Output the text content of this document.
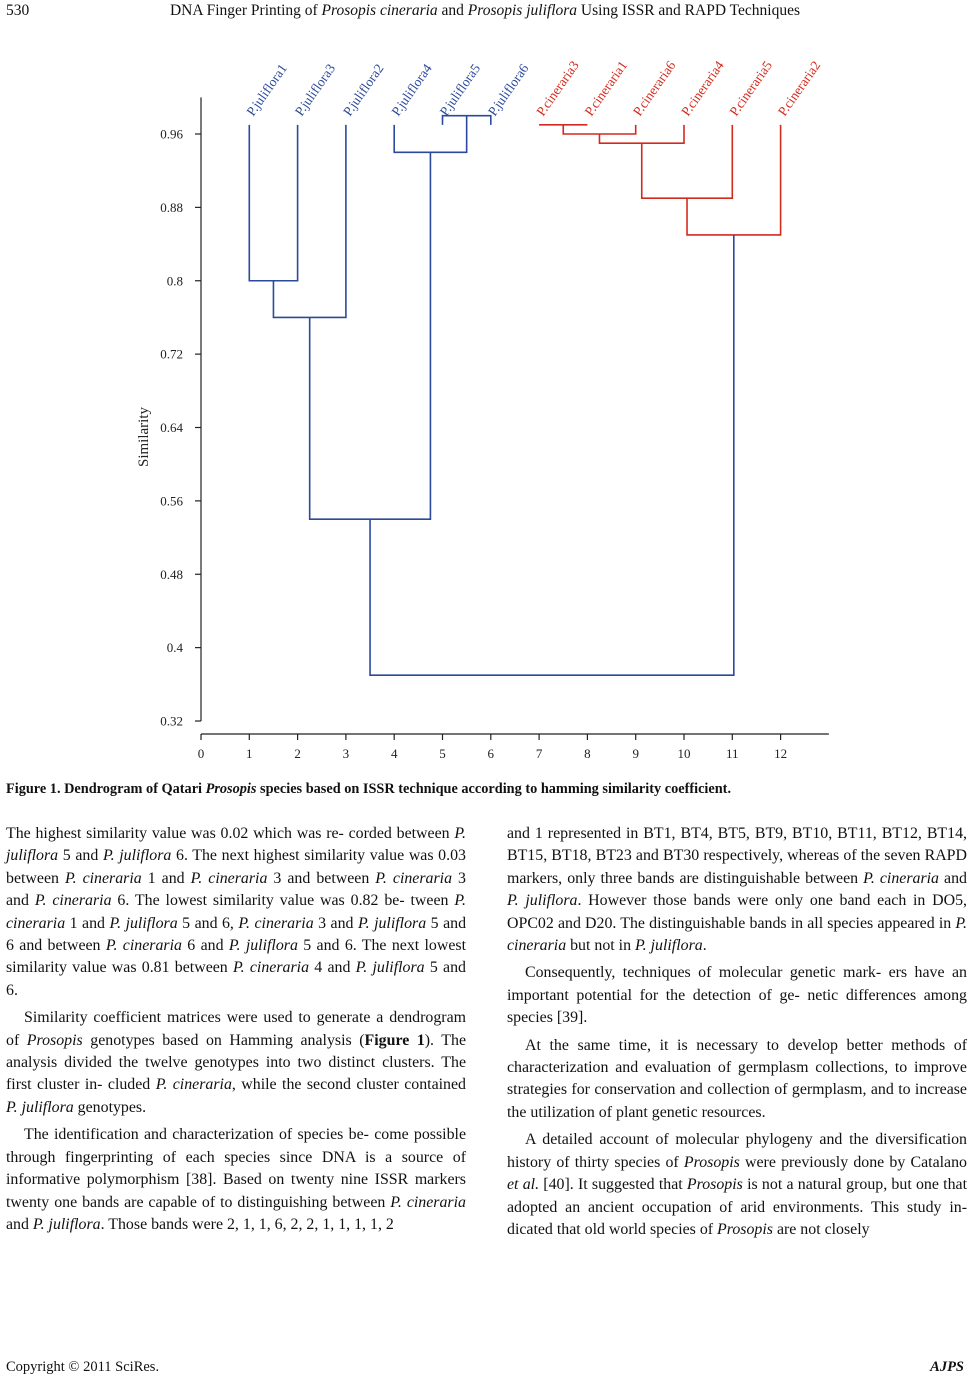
530	DNA Finger Printing of Prosopis cineraria and Prosopis juliflora Using ISSR and RAPD Techniques
0.32
0.4
0.48
0.56
0.64
0.72
0.8
0.88
0.96
0	1	2	3	4	5	6	7	8	9	10	11	12
P.juliflora1 P.juliflora3 P.juliflora2 P.juliflora4 P.juliflora5 P.juliflora6 P.cineraria3 P.cineraria1 P.cineraria6 P.cineraria4 P.cineraria5 P.cineraria2
Similarity
Figure 1. Dendrogram of Qatari Prosopis species based on ISSR technique according to hamming similarity coefficient.

The highest similarity value was 0.02 which was re- corded between P. juliflora 5 and P. juliflora 6. The next highest similarity value was 0.03 between P. cineraria 1 and P. cineraria 3 and between P. cineraria 3 and P. cineraria 6. The lowest similarity value was 0.82 be- tween P. cineraria 1 and P. juliflora 5 and 6, P. cineraria 3 and P. juliflora 5 and 6 and between P. cineraria 6 and P. juliflora 5 and 6. The next lowest similarity value was 0.81 between P. cineraria 4 and P. juliflora 5 and 6.

Similarity coefficient matrices were used to generate a dendrogram of Prosopis genotypes based on Hamming analysis (Figure 1). The analysis divided the twelve genotypes into two distinct clusters. The first cluster in- cluded P. cineraria, while the second cluster contained P. juliflora genotypes.

The identification and characterization of species be- come possible through fingerprinting of each species since DNA is a source of informative polymorphism [38]. Based on twenty nine ISSR markers twenty one bands are capable of to distinguishing between P. cineraria and P. juliflora. Those bands were 2, 1, 1, 6, 2, 2, 1, 1, 1, 1, 2

and 1 represented in BT1, BT4, BT5, BT9, BT10, BT11, BT12, BT14, BT15, BT18, BT23 and BT30 respectively, whereas of the seven RAPD markers, only three bands are distinguishable between P. cineraria and P. juliflora. However those bands were only one band each in DO5, OPC02 and D20. The distinguishable bands in all species appeared in P. cineraria but not in P. juliflora.

Consequently, techniques of molecular genetic mark- ers have an important potential for the detection of ge- netic differences among species [39].

At the same time, it is necessary to develop better methods of characterization and evaluation of germplasm collections, to improve strategies for conservation and collection of germplasm, and to increase the utilization of plant genetic resources.

A detailed account of molecular phylogeny and the diversification history of thirty species of Prosopis were previously done by Catalano et al. [40]. It suggested that Prosopis is not a natural group, but one that adopted an ancient occupation of arid environments. This study in- dicated that old world species of Prosopis are not closely

Copyright © 2011 SciRes.	AJPS
